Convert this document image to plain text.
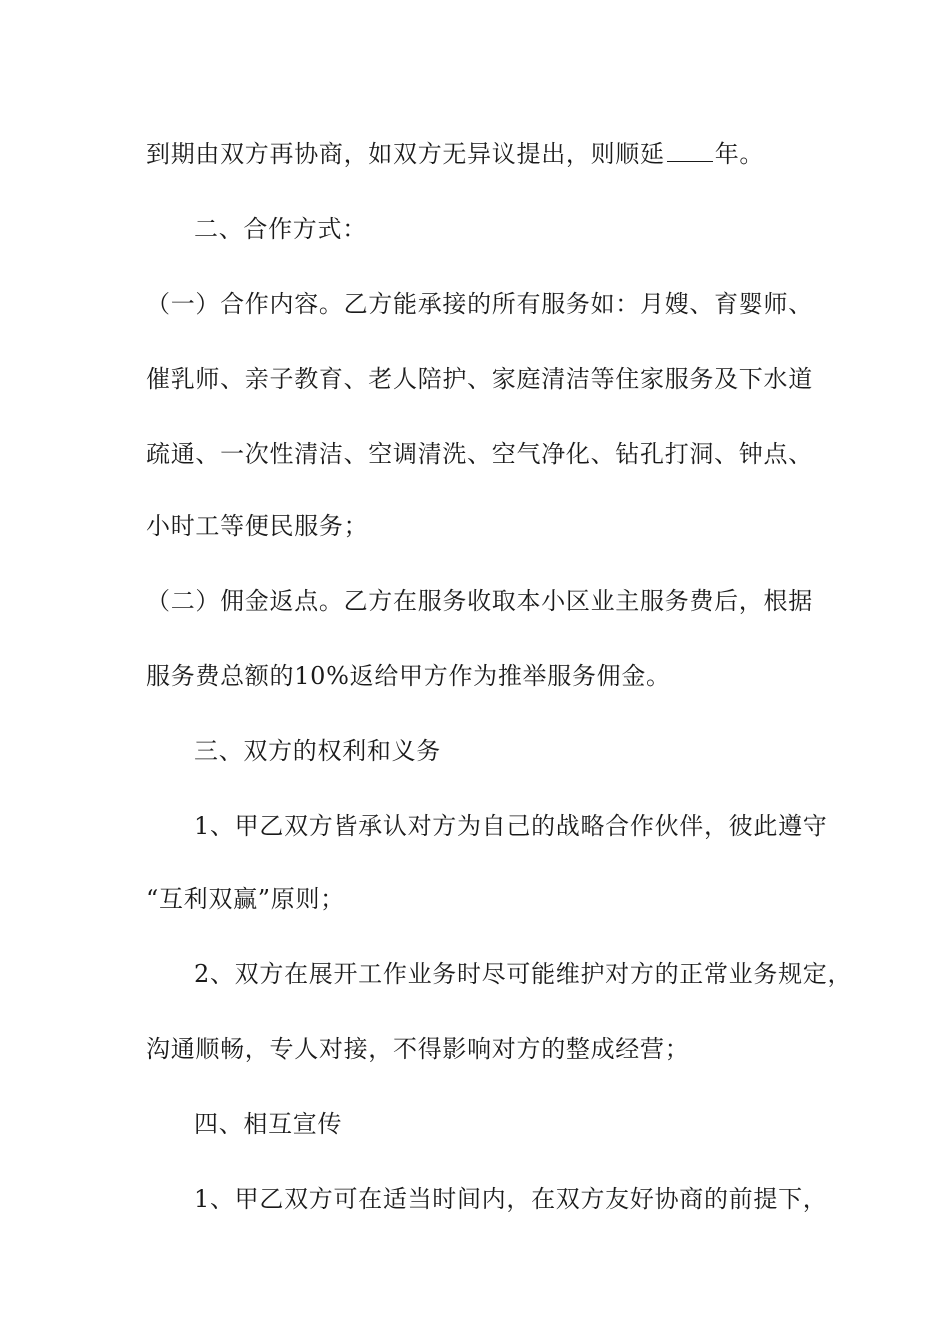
到期由双方再协商，如双方无异议提出，则顺延 年。
二、合作方式：
（一）合作内容。乙方能承接的所有服务如：月嫂、育婴师、
催乳师、亲子教育、老人陪护、家庭清洁等住家服务及下水道
疏通、一次性清洁、空调清洗、空气净化、钻孔打洞、钟点、
小时工等便民服务；
（二）佣金返点。乙方在服务收取本小区业主服务费后，根据
服务费总额的10%返给甲方作为推举服务佣金。
三、双方的权利和义务
1、甲乙双方皆承认对方为自己的战略合作伙伴，彼此遵守
“互利双赢”原则；
2、双方在展开工作业务时尽可能维护对方的正常业务规定，
沟通顺畅，专人对接，不得影响对方的整成经营；
四、相互宣传
1、甲乙双方可在适当时间内，在双方友好协商的前提下，
